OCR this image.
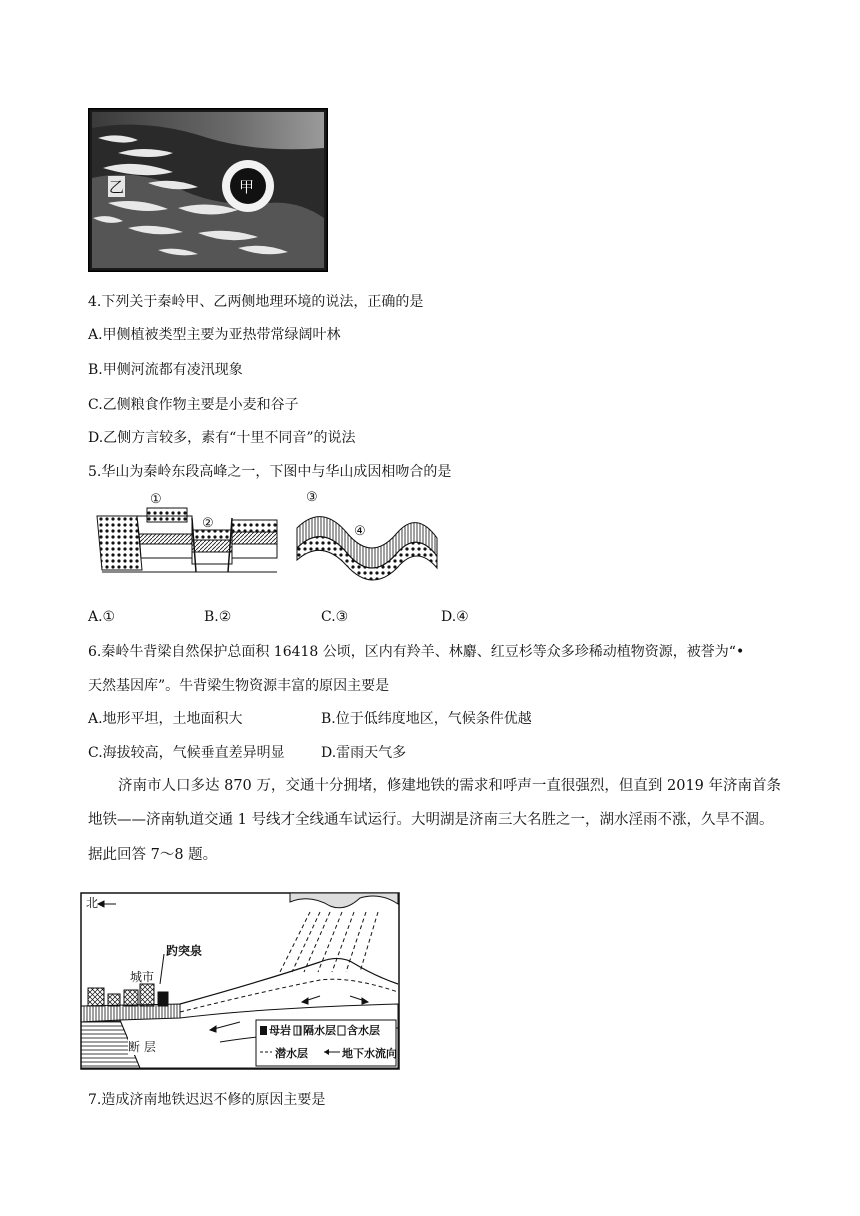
乙	甲
4.下列关于秦岭甲、乙两侧地理环境的说法，正确的是
A.甲侧植被类型主要为亚热带常绿阔叶林
B.甲侧河流都有凌汛现象
C.乙侧粮食作物主要是小麦和谷子
D.乙侧方言较多，素有“十里不同音”的说法
5.华山为秦岭东段高峰之一，下图中与华山成因相吻合的是
①
②
③
④
A.①	B.②	C.③	D.④
6.秦岭牛背梁自然保护总面积 16418 公顷，区内有羚羊、林麝、红豆杉等众多珍稀动植物资源，被誉为“•
天然基因库”。牛背梁生物资源丰富的原因主要是
A.地形平坦，土地面积大	B.位于低纬度地区，气候条件优越
C.海拔较高，气候垂直差异明显	D.雷雨天气多
济南市人口多达 870 万，交通十分拥堵，修建地铁的需求和呼声一直很强烈，但直到 2019 年济南首条
地铁——济南轨道交通 1 号线才全线通车试运行。大明湖是济南三大名胜之一，湖水淫雨不涨，久旱不涸。
据此回答 7～8 题。
北
趵突泉
城市
断 层
母岩 隔水层 含水层
潜水层	地下水流向
7.造成济南地铁迟迟不修的原因主要是
